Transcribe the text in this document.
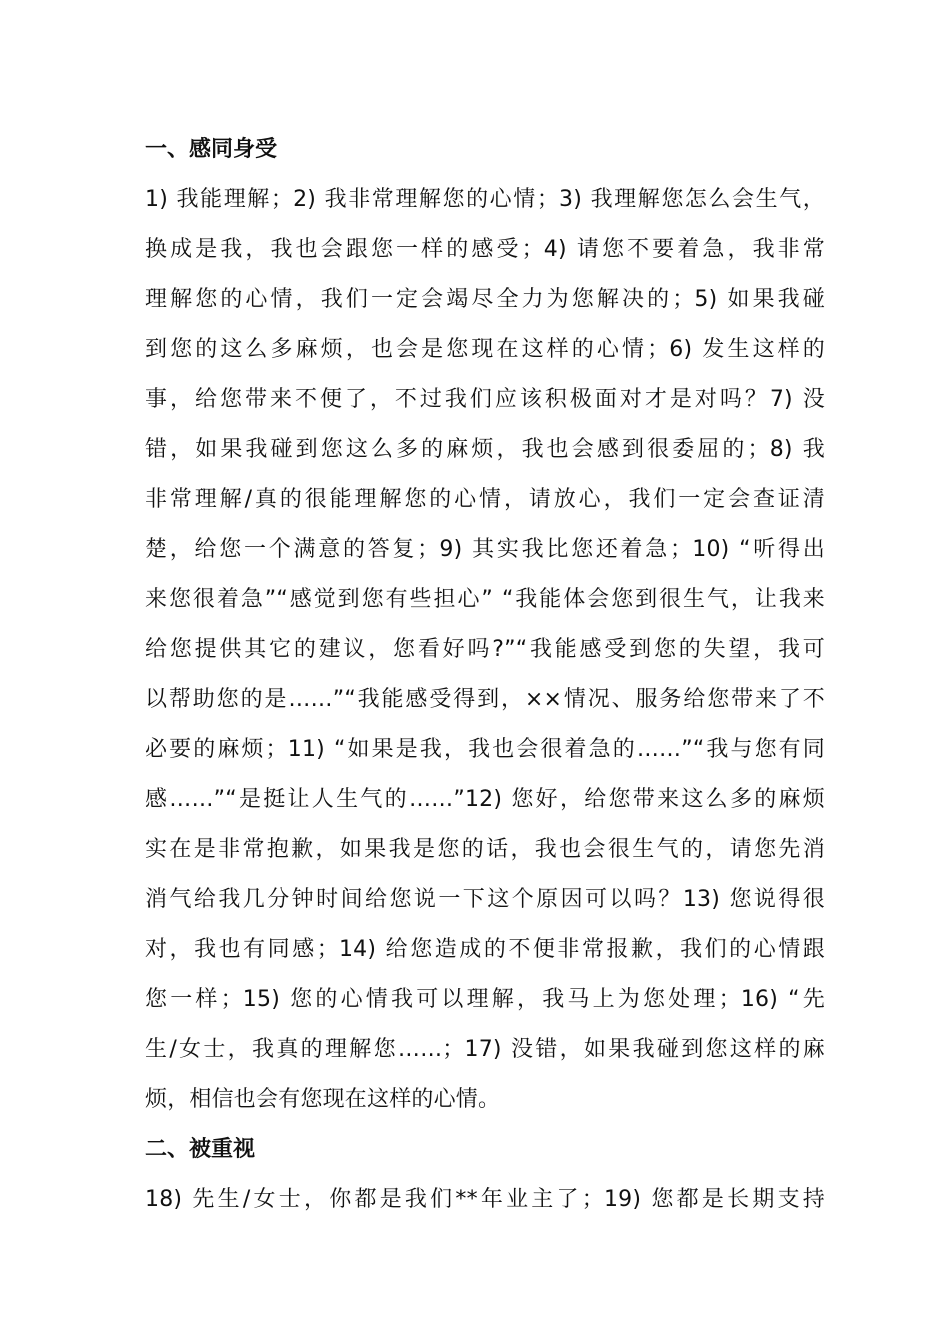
一、感同身受
1) 我能理解；2) 我非常理解您的心情；3) 我理解您怎么会生气，
换成是我，我也会跟您一样的感受；4) 请您不要着急，我非常
理解您的心情，我们一定会竭尽全力为您解决的；5) 如果我碰
到您的这么多麻烦，也会是您现在这样的心情；6) 发生这样的
事，给您带来不便了，不过我们应该积极面对才是对吗？7) 没
错，如果我碰到您这么多的麻烦，我也会感到很委屈的；8) 我
非常理解/真的很能理解您的心情，请放心，我们一定会查证清
楚，给您一个满意的答复；9) 其实我比您还着急；10) “听得出
来您很着急”“感觉到您有些担心” “我能体会您到很生气，让我来
给您提供其它的建议，您看好吗?”“我能感受到您的失望，我可
以帮助您的是……”“我能感受得到，××情况、服务给您带来了不
必要的麻烦；11) “如果是我，我也会很着急的……”“我与您有同
感……”“是挺让人生气的……”12) 您好，给您带来这么多的麻烦
实在是非常抱歉，如果我是您的话，我也会很生气的，请您先消
消气给我几分钟时间给您说一下这个原因可以吗？13) 您说得很
对，我也有同感；14) 给您造成的不便非常报歉，我们的心情跟
您一样；15) 您的心情我可以理解，我马上为您处理；16) “先
生/女士，我真的理解您……；17) 没错，如果我碰到您这样的麻
烦，相信也会有您现在这样的心情。
二、被重视
18) 先生/女士，你都是我们**年业主了；19) 您都是长期支持
